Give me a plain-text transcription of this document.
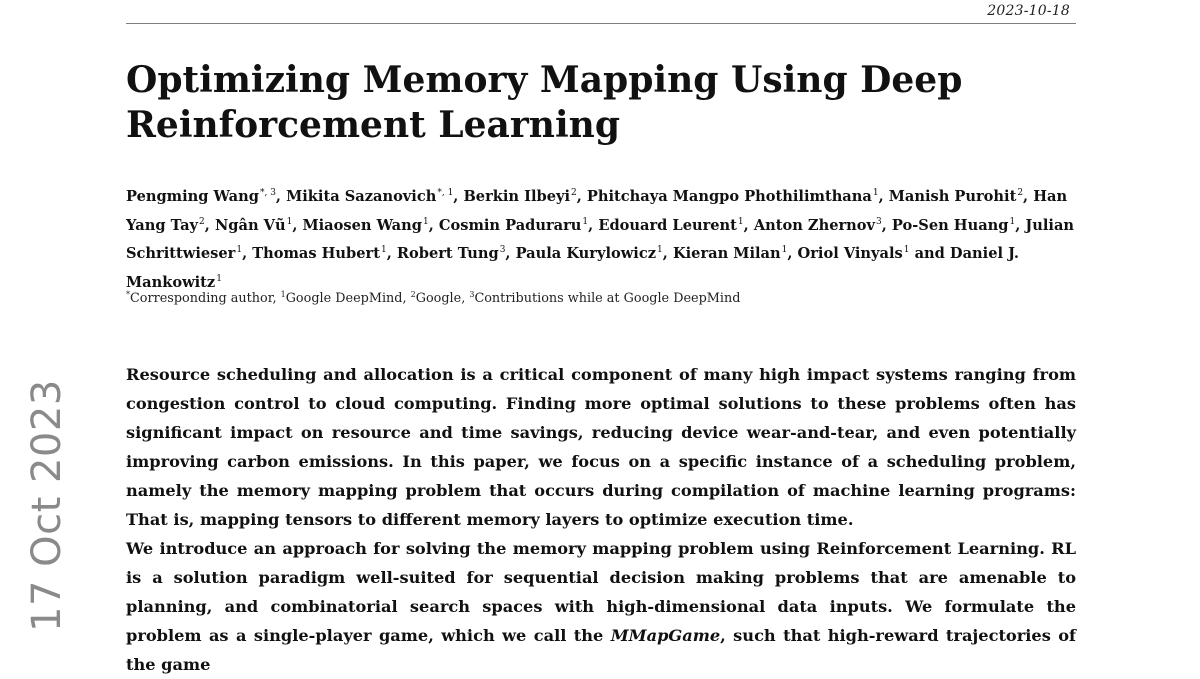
2023-10-18
17 Oct 2023
Optimizing Memory Mapping Using Deep Reinforcement Learning

Pengming Wang$^{*, 3}$, Mikita Sazanovich$^{*, 1}$, Berkin Ilbeyi$^2$, Phitchaya Mangpo Phothilimthana$^1$, Manish Purohit$^2$, Han Yang Tay$^2$, Ngân $Vũ^1$, Miaosen Wang$^1$, Cosmin Paduraru$^1$, Edouard Leurent$^1$, Anton Zhernov$^3$, Po-Sen Huang$^1$, Julian Schrittwieser$^1$, Thomas Hubert$^1$, Robert Tung$^3$, Paula Kurylowicz$^1$, Kieran Milan$^1$, Oriol Vinyals$^1$ and Daniel J. Mankowitz$^1$

*Corresponding author, $^1$Google DeepMind, $^2$Google, $^3$Contributions while at Google DeepMind

Resource scheduling and allocation is a critical component of many high impact systems ranging from congestion control to cloud computing. Finding more optimal solutions to these problems often has significant impact on resource and time savings, reducing device wear-and-tear, and even potentially improving carbon emissions. In this paper, we focus on a specific instance of a scheduling problem, namely the memory mapping problem that occurs during compilation of machine learning programs: That is, mapping tensors to different memory layers to optimize execution time.

We introduce an approach for solving the memory mapping problem using Reinforcement Learning. RL is a solution paradigm well-suited for sequential decision making problems that are amenable to planning, and combinatorial search spaces with high-dimensional data inputs. We formulate the problem as a single-player game, which we call the MMapGame, such that high-reward trajectories of the game
